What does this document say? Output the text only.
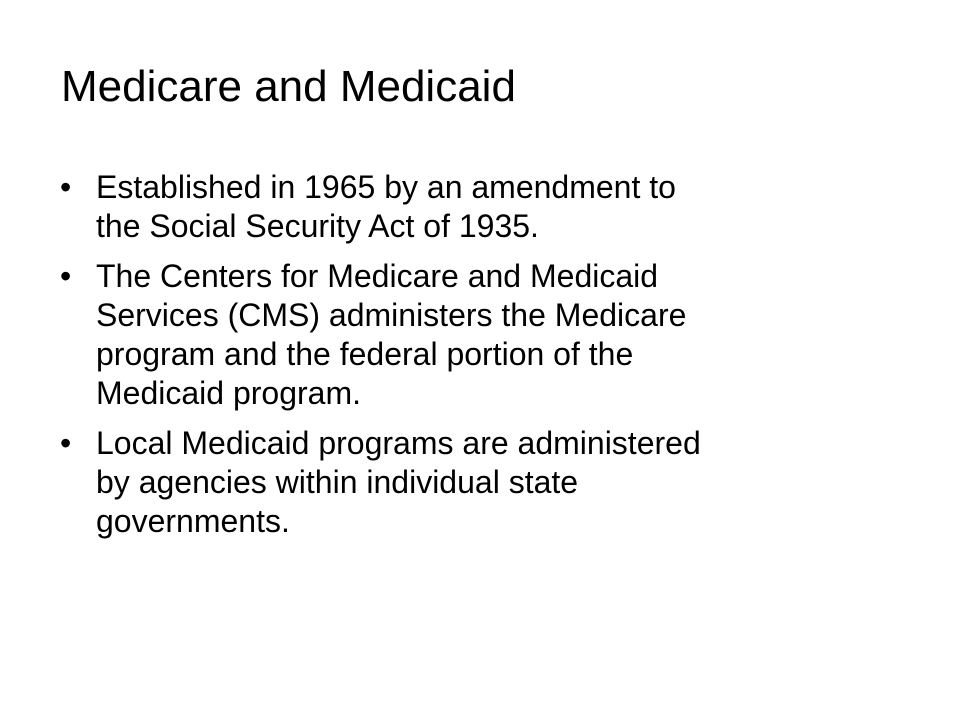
Medicare and Medicaid
• Established in 1965 by an amendment to
the Social Security Act of 1935.
• The Centers for Medicare and Medicaid
Services (CMS) administers the Medicare
program and the federal portion of the
Medicaid program.
• Local Medicaid programs are administered
by agencies within individual state
governments.
